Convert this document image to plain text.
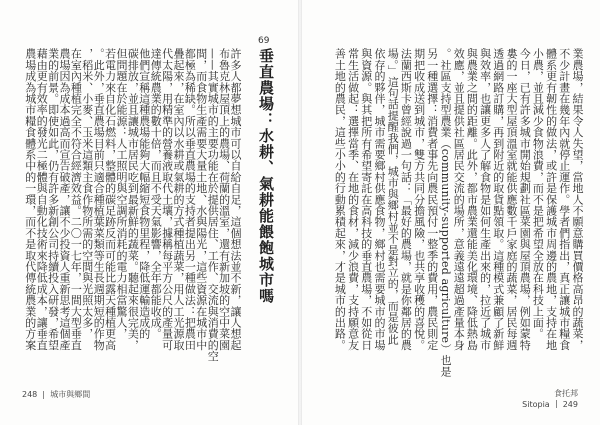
許多人都夢想城市可以自給自足，這個想法並不新，讓人想起
布魯克林屋頂上的農場、荷蘭的溫室，還有新加坡的空中菜園
——其實城市的主要功能在於提供居住、工作、交流與消費的空
間，而食物生產需要大量土地、水與陽光，這些資源在城市中
都極為稀缺。所以垂直農場的支持者提出另一種做法：把農田
疊起來，在室內以水耕或氣耕的方式種植蔬菜，用人工光源取
代太陽，用精準的營養液取代土壤，據稱每平方公尺的產量可
達傳統農業的數十倍，而且不受天氣影響，全年都能收成。
他們宣稱這種農場能夠大幅縮短食物里程，降低運輸造成的
碳排放，並且讓城市居民吃到最新鮮的蔬菜。聽起來很完美，
但問題在於能源：人工照明與空調所消耗的電力相當驚人，
若電力來自化石燃料，整體的碳足跡反而可能比露天種植更高
。此外，垂直農場目前只適合種植葉菜類等生長週期短的作物
，稻米、小麥、玉米這類主食作物所需的空間與光照太多，
在室內種植完全不符合經濟效益。二〇一七年，一間大型垂直
農場因為成本過高而宣告破產，讓不少投資人重新思考這個產
業的前景。即使如此，仍有許多新創公司持續投入研發，希望
藉由更有效率的發光二極體與自動化技術來降低成本，讓垂直
農場成為城市糧食體系中的一環，而不是取代傳統農業的方案
69
垂直農場：水耕、氣耕能餵飽城市嗎
248 城市與鄉間
業農場，結果令人失望，當地人不願意購買價格高昂的蔬菜，
不少計畫在幾年內就停止運作。學者們指出，真正讓城市糧食
體系更有韌性的做法，或許是保護城市周邊的農地，支持在地
小農，並且減少食物浪費，而不是把希望全放在科技上面。
今日，已有許多城市開始規劃社區菜園與屋頂農場，例如蒙特
婁的一座大型屋頂溫室就能供應數千戶家庭的蔬菜，居民每週
透過網路訂購，再到附近的取貨點領取。這種模式兼顧了新鮮
與效率，也讓更多人了解食物是如何生產出來的，拉近了城市
與農業之間的距離。此外，都市農業還能美化環境、降低熱島
效應，並且提供社區居民交流的場所，意義遠遠超過產量本身
。社區支持型農業（community-supported agriculture）也是
另一種選擇：消費者事先向農民預付一整季的費用，農民則定
期把收成送到城市，雙方共同分擔風險，也共享收穫的喜悅。
法蘭西斯卡曾經說過一句話：「最好的農場，就是你鄰居的農
場。」這句話提醒我們，城市與鄉村並不是對立的，而是彼此
依存的夥伴，城市需要鄉村供應食物，鄉村也需要城市的市場
與資源。與其把所有希望寄託在高科技的垂直農場，不如從日
常生活做起：選擇當季、在地的食材，減少浪費，支持願意友
善土地的農民，這些小小的行動累積起來，才是城市的出路。
食托邦
Sitopia 249
